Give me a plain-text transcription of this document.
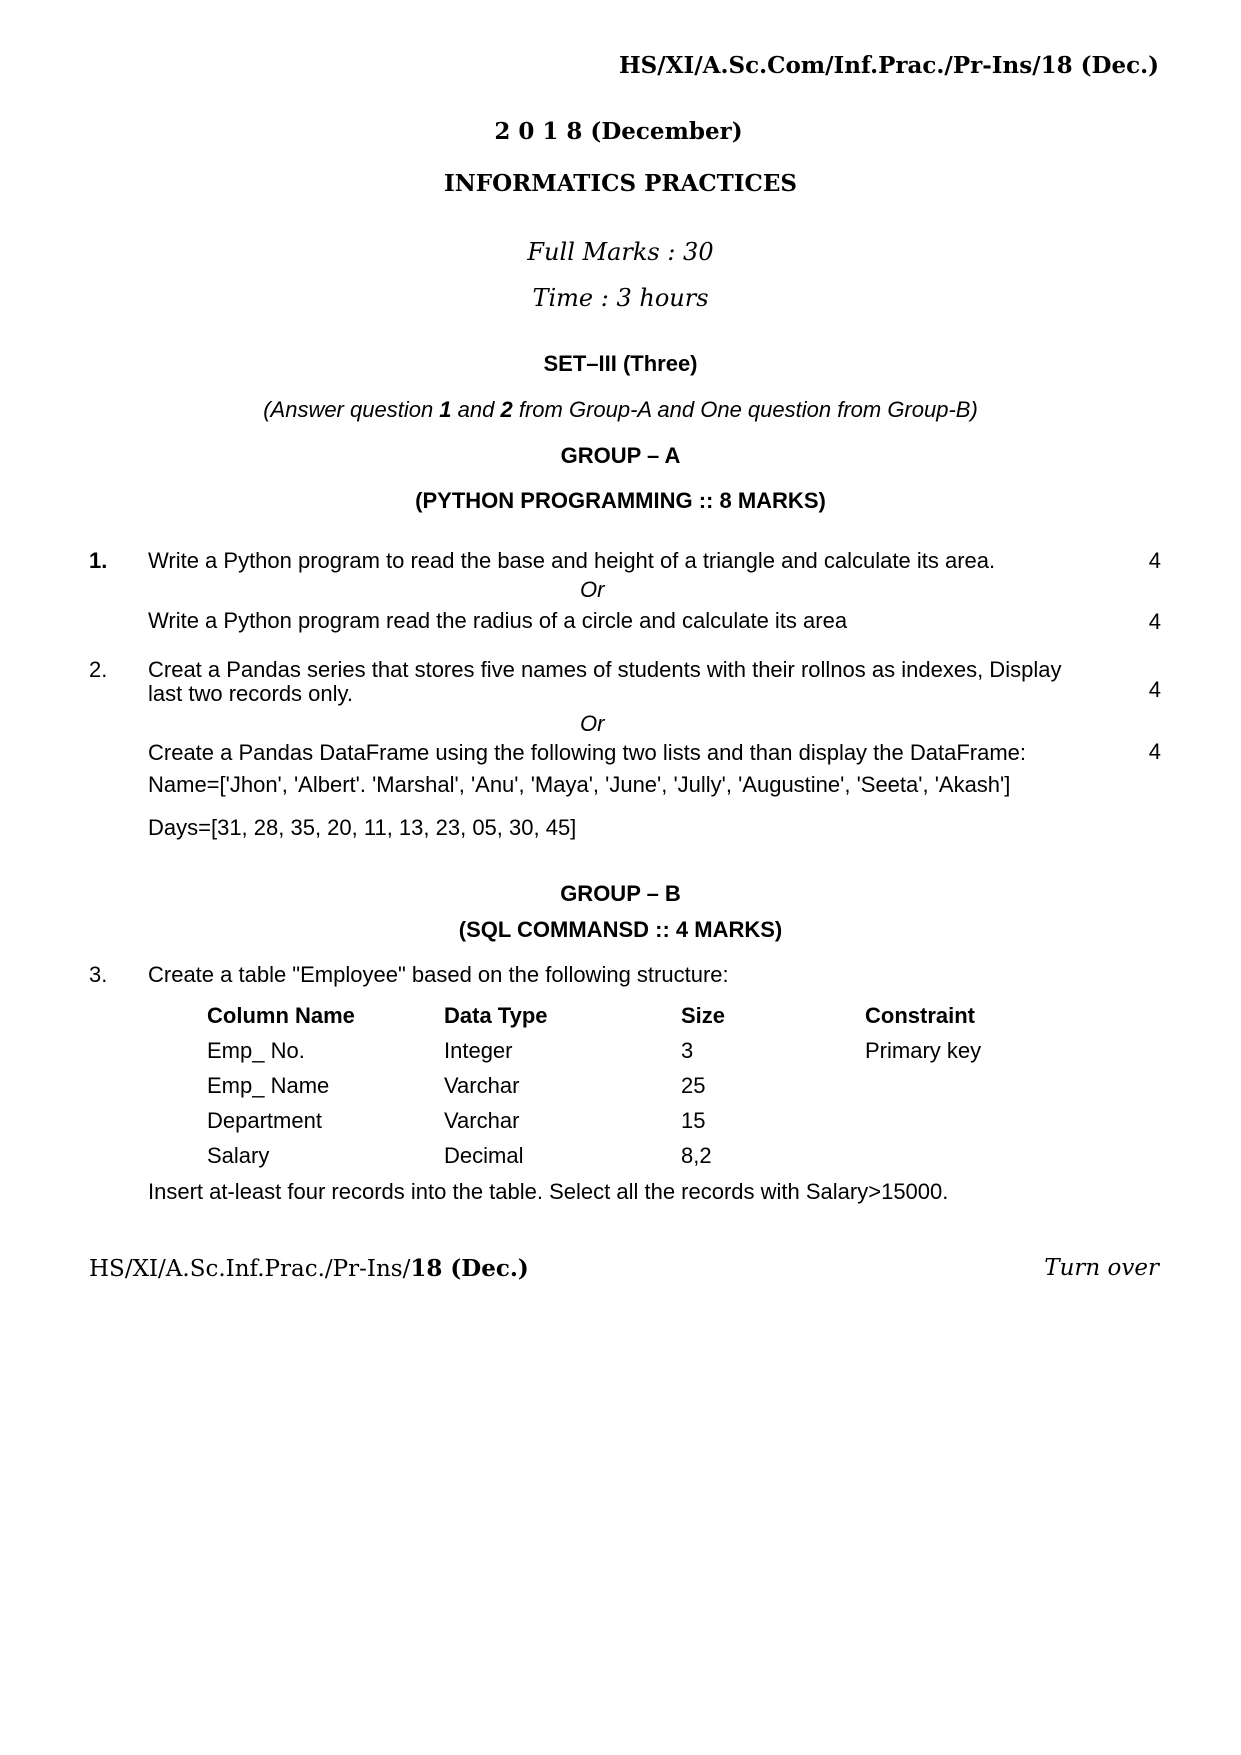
HS/XI/A.Sc.Com/Inf.Prac./Pr-Ins/18 (Dec.)
2 0 1 8 (December)
INFORMATICS PRACTICES
Full Marks : 30
Time : 3 hours
SET–III (Three)
(Answer question 1 and 2 from Group-A and One question from Group-B)
GROUP – A
(PYTHON PROGRAMMING :: 8 MARKS)
1. Write a Python program to read the base and height of a triangle and calculate its area.	4
Or
Write a Python program read the radius of a circle and calculate its area	4
2. Creat a Pandas series that stores five names of students with their rollnos as indexes, Display
last two records only.	4
Or
Create a Pandas DataFrame using the following two lists and than display the DataFrame:	4
Name=['Jhon', 'Albert'. 'Marshal', 'Anu', 'Maya', 'June', 'Jully', 'Augustine', 'Seeta', 'Akash']
Days=[31, 28, 35, 20, 11, 13, 23, 05, 30, 45]
GROUP – B
(SQL COMMANSD :: 4 MARKS)
3. Create a table "Employee" based on the following structure:
Column Name	Data Type	Size	Constraint
Emp_ No.	Integer	3	Primary key
Emp_ Name	Varchar	25
Department	Varchar	15
Salary	Decimal	8,2
Insert at-least four records into the table. Select all the records with Salary>15000.
HS/XI/A.Sc.Inf.Prac./Pr-Ins/18 (Dec.)	Turn over
